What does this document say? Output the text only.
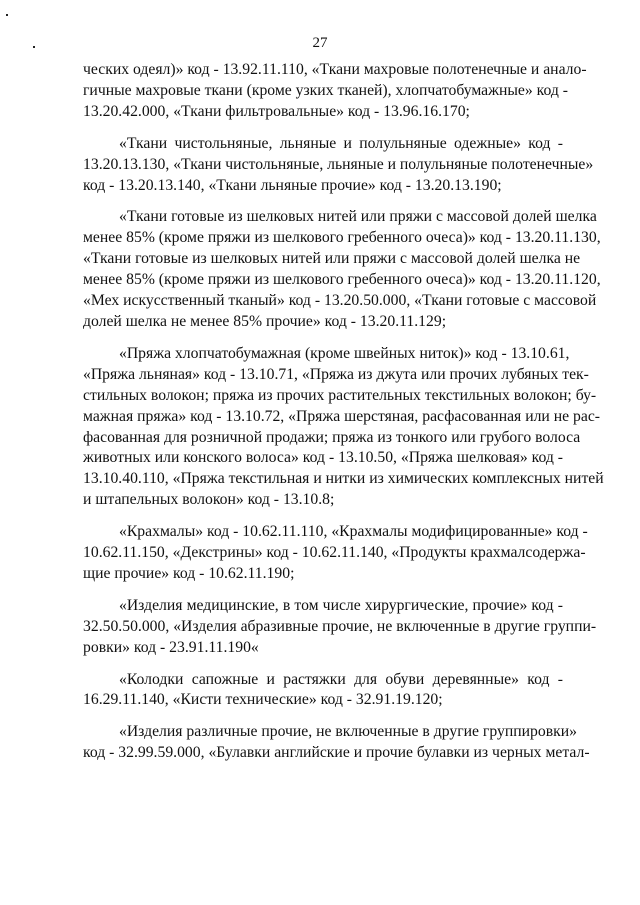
27
ческих одеял)» код - 13.92.11.110, «Ткани махровые полотенечные и анало-
гичные махровые ткани (кроме узких тканей), хлопчатобумажные» код -
13.20.42.000, «Ткани фильтровальные» код - 13.96.16.170;
«Ткани чистольняные, льняные и полульняные одежные» код -
13.20.13.130, «Ткани чистольняные, льняные и полульняные полотенечные»
код - 13.20.13.140, «Ткани льняные прочие» код - 13.20.13.190;
«Ткани готовые из шелковых нитей или пряжи с массовой долей шелка
менее 85% (кроме пряжи из шелкового гребенного очеса)» код - 13.20.11.130,
«Ткани готовые из шелковых нитей или пряжи с массовой долей шелка не
менее 85% (кроме пряжи из шелкового гребенного очеса)» код - 13.20.11.120,
«Мех искусственный тканый» код - 13.20.50.000, «Ткани готовые с массовой
долей шелка не менее 85% прочие» код - 13.20.11.129;
«Пряжа хлопчатобумажная (кроме швейных ниток)» код - 13.10.61,
«Пряжа льняная» код - 13.10.71, «Пряжа из джута или прочих лубяных тек-
стильных волокон; пряжа из прочих растительных текстильных волокон; бу-
мажная пряжа» код - 13.10.72, «Пряжа шерстяная, расфасованная или не рас-
фасованная для розничной продажи; пряжа из тонкого или грубого волоса
животных или конского волоса» код - 13.10.50, «Пряжа шелковая» код -
13.10.40.110, «Пряжа текстильная и нитки из химических комплексных нитей
и штапельных волокон» код - 13.10.8;
«Крахмалы» код - 10.62.11.110, «Крахмалы модифицированные» код -
10.62.11.150, «Декстрины» код - 10.62.11.140, «Продукты крахмалсодержа-
щие прочие» код - 10.62.11.190;
«Изделия медицинские, в том числе хирургические, прочие» код -
32.50.50.000, «Изделия абразивные прочие, не включенные в другие группи-
ровки» код - 23.91.11.190«
«Колодки сапожные и растяжки для обуви деревянные» код -
16.29.11.140, «Кисти технические» код - 32.91.19.120;
«Изделия различные прочие, не включенные в другие группировки»
код - 32.99.59.000, «Булавки английские и прочие булавки из черных метал-
